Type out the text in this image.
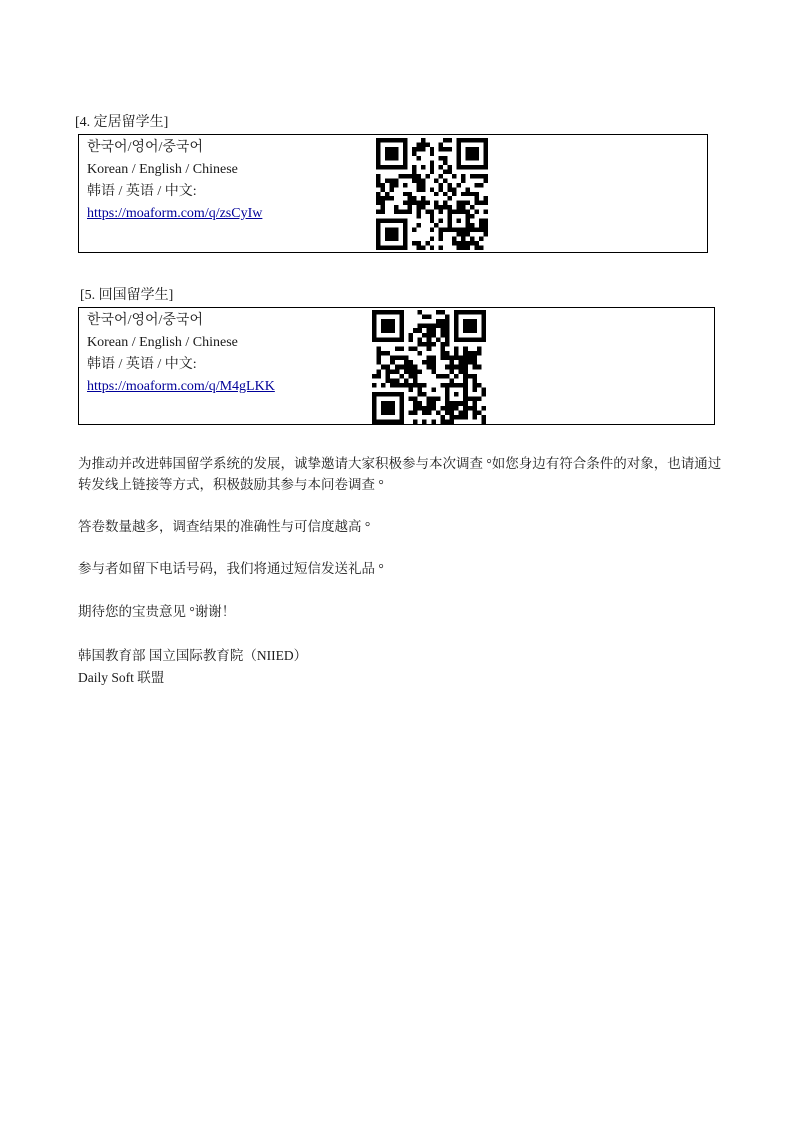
[4. 定居留学生]
한국어/영어/중국어
Korean / English / Chinese
韩语 / 英语 / 中文:
https://moaform.com/q/zsCyIw
[5. 回国留学生]
한국어/영어/중국어
Korean / English / Chinese
韩语 / 英语 / 中文:
https://moaform.com/q/M4gLKK

为推动并改进韩国留学系统的发展，诚挚邀请大家积极参与本次调查 °如您身边有符合条件的对象，也请通过
转发线上链接等方式，积极鼓励其参与本问卷调查 °

答卷数量越多，调查结果的准确性与可信度越高 °

参与者如留下电话号码，我们将通过短信发送礼品 °

期待您的宝贵意见 °谢谢！

韩国教育部 国立国际教育院（NIIED）

Daily Soft 联盟
